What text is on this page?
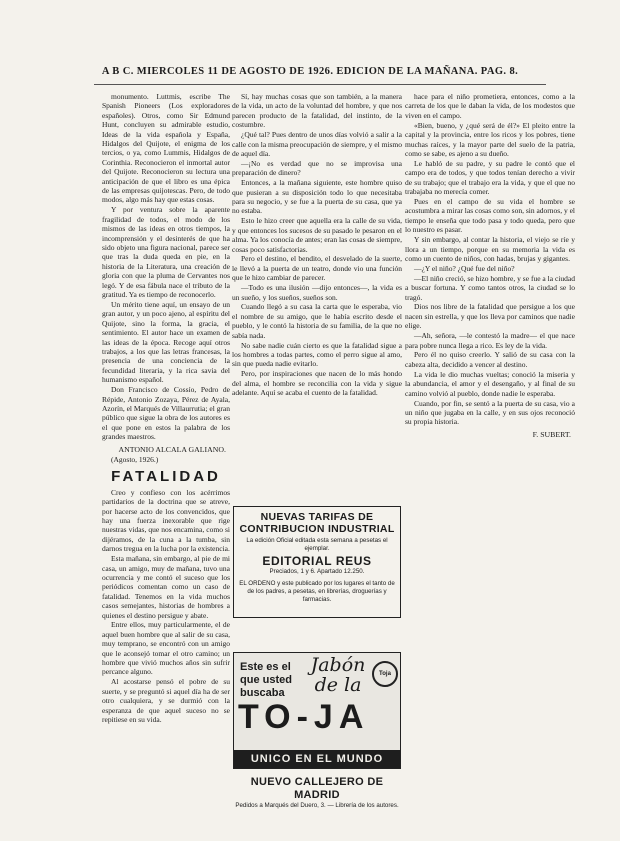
A B C. MIERCOLES 11 DE AGOSTO DE 1926. EDICION DE LA MAÑANA. PAG. 8.

monumento. Luttmis, escribe The Spanish Pioneers (Los exploradores españoles). Otros, como Sir Edmund Hunt, concluyen su admirable estudio, Ideas de la vida española y España, Hidalgos del Quijote, el enigma de los tercios, o ya, como Lummis, Hidalgos de Corinthia. Reconocieron el inmortal autor del Quijote. Reconocieron su lectura una anticipación de que el libro es una épica de las empresas quijotescas. Pero, de todo modos, algo más hay que estas cosas.

Y por ventura sobre la aparente fragilidad de todos, el modo de los mismos de las ideas en otros tiempos, la incomprensión y el desinterés de que ha sido objeto una figura nacional, parece ser que tras la duda queda en pie, en la historia de la Literatura, una creación de gloria con que la pluma de Cervantes nos legó. Y de esa fábula nace el tributo de la gratitud. Ya es tiempo de reconocerlo.

Un mérito tiene aquí, un ensayo de un gran autor, y un poco ajeno, al espíritu del Quijote, sino la forma, la gracia, el sentimiento. El autor hace un examen de las ideas de la época. Recoge aquí otros trabajos, a los que las letras francesas, la presencia de una conciencia de la fecundidad literaria, y la rica savia del humanismo español.

Don Francisco de Cossío, Pedro de Répide, Antonio Zozaya, Pérez de Ayala, Azorín, el Marqués de Villaurrutia; el gran público que sigue la obra de los autores es el que pone en estos la palabra de los grandes maestros.

ANTONIO ALCALA GALIANO.

(Agosto, 1926.)

FATALIDAD

Creo y confieso con los acérrimos partidarios de la doctrina que se atreve, por hacerse acto de los convencidos, que hay una fuerza inexorable que rige nuestras vidas, que nos encamina, como si dijéramos, de la cuna a la tumba, sin darnos tregua en la lucha por la existencia.

Esta mañana, sin embargo, al pie de mi casa, un amigo, muy de mañana, tuvo una ocurrencia y me contó el suceso que los periódicos comentan como un caso de fatalidad. Tenemos en la vida muchos casos semejantes, historias de hombres a quienes el destino persigue y abate.

Entre ellos, muy particularmente, el de aquel buen hombre que al salir de su casa, muy temprano, se encontró con un amigo que le aconsejó tomar el otro camino; un hombre que vivió muchos años sin sufrir percance alguno.

Al acostarse pensó el pobre de su suerte, y se preguntó si aquel día ha de ser otro cualquiera, y se durmió con la esperanza de que aquel suceso no se repitiese en su vida.

Sí, hay muchas cosas que son también, a la manera de la vida, un acto de la voluntad del hombre, y que nos parecen producto de la fatalidad, del instinto, de la costumbre.

¿Qué tal? Pues dentro de unos días volvió a salir a la calle con la misma preocupación de siempre, y el mismo de aquel día.

—¡No es verdad que no se improvisa una preparación de dinero?

Entonces, a la mañana siguiente, este hombre quiso que pusieran a su disposición todo lo que necesitaba para su negocio, y se fue a la puerta de su casa, que ya no estaba.

Esto le hizo creer que aquella era la calle de su vida, y que entonces los sucesos de su pasado le pesaron en el alma. Ya los conocía de antes; eran las cosas de siempre, cosas poco satisfactorias.

Pero el destino, el bendito, el desvelado de la suerte, le llevó a la puerta de un teatro, donde vio una función que le hizo cambiar de parecer.

—Todo es una ilusión —dijo entonces—, la vida es un sueño, y los sueños, sueños son.

Cuando llegó a su casa la carta que le esperaba, vio el nombre de su amigo, que le había escrito desde el pueblo, y le contó la historia de su familia, de la que no sabía nada.

No sabe nadie cuán cierto es que la fatalidad sigue a los hombres a todas partes, como el perro sigue al amo, sin que pueda nadie evitarlo.

Pero, por inspiraciones que nacen de lo más hondo del alma, el hombre se reconcilia con la vida y sigue adelante. Aquí se acaba el cuento de la fatalidad.

NUEVAS TARIFAS DE
CONTRIBUCION INDUSTRIAL
La edición Oficial editada esta semana a pesetas el ejemplar.
EDITORIAL REUS
Preciados, 1 y 6. Apartado 12.250.
EL ORDENO y este publicado por los lugares el tanto de de los padres, a pesetas, en librerías, droguerías y farmacias.
Este es el que usted buscaba
Jabón de la	Toja
TO-JA
UNICO EN EL MUNDO
NUEVO CALLEJERO DE MADRID
Pedidos a Marqués del Duero, 3. — Librería de los autores.

hace para el niño prometiera, entonces, como a la carreta de los que le daban la vida, de los modestos que viven en el campo.

«Bien, bueno, y ¿qué será de él?» El pleito entre la capital y la provincia, entre los ricos y los pobres, tiene muchas raíces, y la mayor parte del suelo de la patria, como se sabe, es ajeno a su dueño.

Le habló de su padre, y su padre le contó que el campo era de todos, y que todos tenían derecho a vivir de su trabajo; que el trabajo era la vida, y que el que no trabajaba no merecía comer.

Pues en el campo de su vida el hombre se acostumbra a mirar las cosas como son, sin adornos, y el tiempo le enseña que todo pasa y todo queda, pero que lo nuestro es pasar.

Y sin embargo, al contar la historia, el viejo se ríe y llora a un tiempo, porque en su memoria la vida es como un cuento de niños, con hadas, brujas y gigantes.

—¿Y el niño? ¿Qué fue del niño?

—El niño creció, se hizo hombre, y se fue a la ciudad a buscar fortuna. Y como tantos otros, la ciudad se lo tragó.

Dios nos libre de la fatalidad que persigue a los que nacen sin estrella, y que los lleva por caminos que nadie elige.

—Ah, señora, —le contestó la madre— el que nace para pobre nunca llega a rico. Es ley de la vida.

Pero él no quiso creerlo. Y salió de su casa con la cabeza alta, decidido a vencer al destino.

La vida le dio muchas vueltas; conoció la miseria y la abundancia, el amor y el desengaño, y al final de su camino volvió al pueblo, donde nadie le esperaba.

Cuando, por fin, se sentó a la puerta de su casa, vio a un niño que jugaba en la calle, y en sus ojos reconoció su propia historia.

F. SUBERT.
